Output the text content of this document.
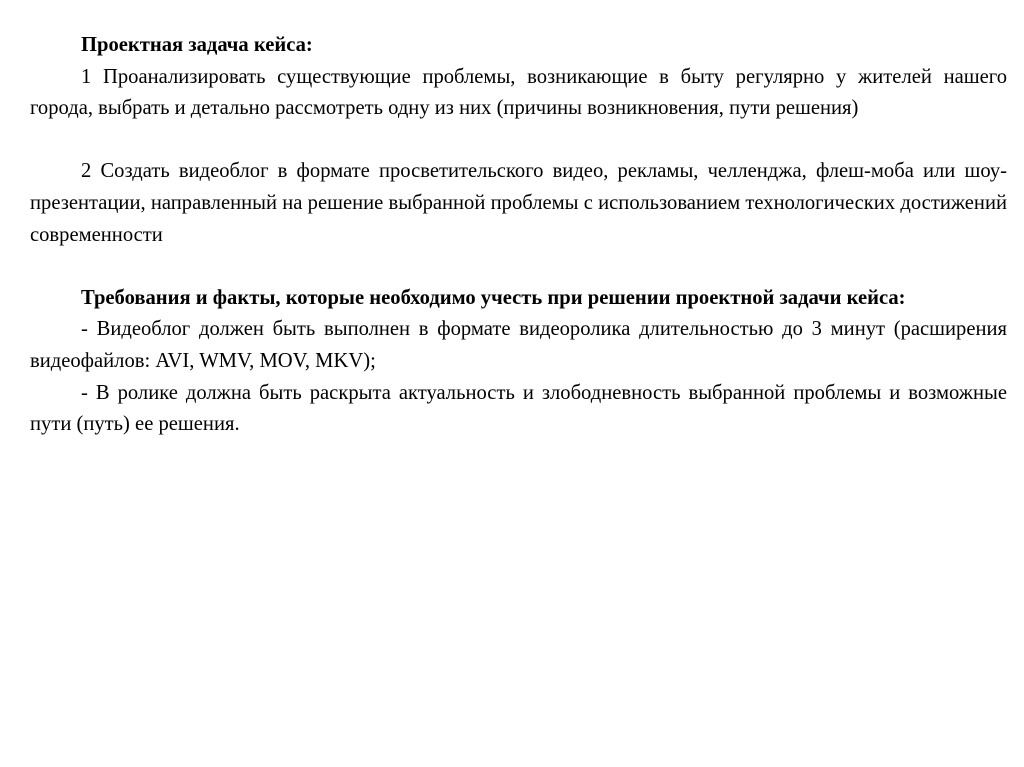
Проектная задача кейса:

1 Проанализировать существующие проблемы, возникающие в быту регулярно у жителей нашего города, выбрать и детально рассмотреть одну из них (причины возникновения, пути решения)

2 Создать видеоблог в формате просветительского видео, рекламы, челленджа, флеш-моба или шоу-презентации, направленный на решение выбранной проблемы с использованием технологических достижений современности

Требования и факты, которые необходимо учесть при решении проектной задачи кейса:

- Видеоблог должен быть выполнен в формате видеоролика длительностью до 3 минут (расширения видеофайлов: AVI, WMV, MOV, MKV);

- В ролике должна быть раскрыта актуальность и злободневность выбранной проблемы и возможные пути (путь) ее решения.
